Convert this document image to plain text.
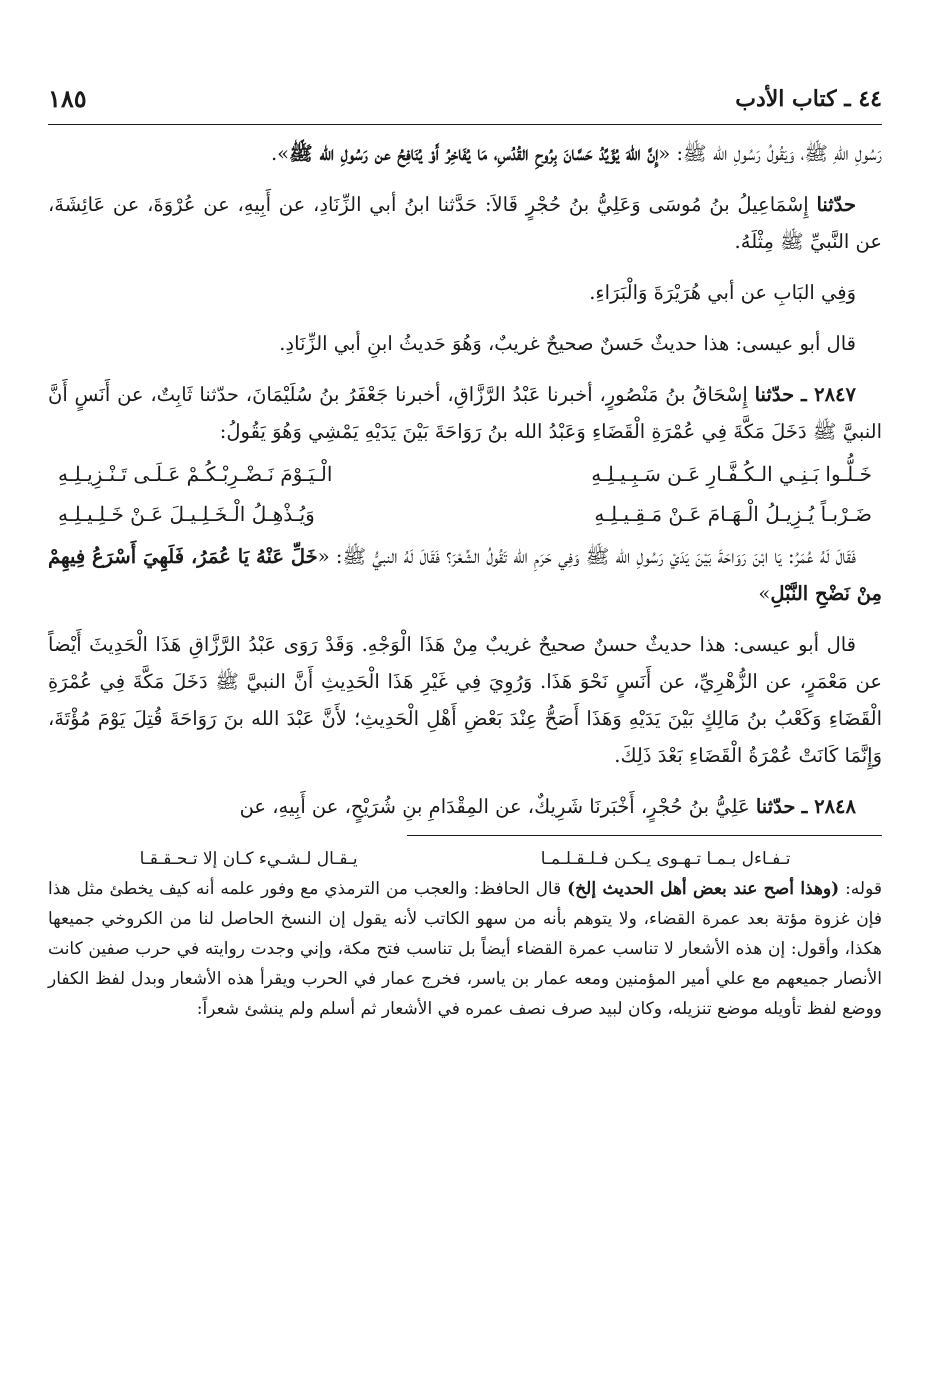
٤٤ ـ كتاب الأدب
١٨٥

رَسُولِ اللهِ ﷺ، وَيَقُولُ رَسُولِ الله ﷺ: «إِنَّ اللهَ يُؤَيِّدُ حَسَّانَ بِرُوحِ القُدُسِ، مَا يُفَاخِرُ أَوْ يُنَافِحُ عن رَسُولِ الله ﷺ».

حدّثنا إِسْمَاعِيلُ بنُ مُوسَى وَعَلِيُّ بنُ حُجْرٍ قَالاَ: حَدَّثنا ابنُ أبي الزِّنَادِ، عن أَبِيهِ، عن عُرْوَةَ، عن عَائِشَةَ، عن النَّبيِّ ﷺ مِثْلَهُ.

وَفِي البَابِ عن أبي هُرَيْرَةَ وَالْبَرَاءِ.

قال أبو عيسى: هذا حديثٌ حَسنٌ صحيحٌ غريبٌ، وَهُوَ حَديثُ ابنِ أبي الزِّنَادِ.

٢٨٤٧ ـ حدّثنا إِسْحَاقُ بنُ مَنْصُورٍ، أخبرنا عَبْدُ الرَّزَّاقِ، أخبرنا جَعْفَرُ بنُ سُلَيْمَانَ، حدّثنا ثَابِتٌ، عن أَنَسٍ أَنَّ النبيَّ ﷺ دَخَلَ مَكَّةَ فِي عُمْرَةِ الْقَضَاءِ وَعَبْدُ الله بنُ رَوَاحَةَ بَيْنَ يَدَيْهِ يَمْشِي وَهُوَ يَقُولُ:

خَـلُّـوا بَـنِـي الـكُـفَّـارِ عَـن سَـبِـيـلِـهِ
الْـيَـوْمَ نَـضْـرِبْـكُـمْ عَـلَـى تَـنْـزِيـلِـهِ
ضَـرْبـاً يُـزِيـلُ الْـهَـامَ عَـنْ مَـقِـيـلِـهِ
وَيُـذْهِـلُ الْـخَـلِـيـلَ عَـنْ خَـلِـيـلِـهِ

فَقَالَ لَهُ عُمَرُ: يَا ابْنَ رَوَاحَةَ بَيْنَ يَدَيْ رَسُولِ الله ﷺ وَفِي حَرَمِ الله تَقُولُ الشِّعْرَ؟ فَقَالَ لَهُ النبيُّ ﷺ: «خَلِّ عَنْهُ يَا عُمَرُ، فَلَهِيَ أَسْرَعُ فِيهِمْ مِنْ نَضْحِ النَّبْلِ»

قال أبو عيسى: هذا حديثٌ حسنٌ صحيحٌ غريبٌ مِنْ هَذَا الْوَجْهِ. وَقَدْ رَوَى عَبْدُ الرَّزَّاقِ هَذَا الْحَدِيثَ أَيْضاً عن مَعْمَرٍ، عن الزُّهْرِيِّ، عن أَنَسٍ نَحْوَ هَذَا. وَرُوِيَ فِي غَيْرِ هَذَا الْحَدِيثِ أَنَّ النبيَّ ﷺ دَخَلَ مَكَّةَ فِي عُمْرَةِ الْقَضَاءِ وَكَعْبُ بنُ مَالِكٍ بَيْنَ يَدَيْهِ وَهَذَا أَصَحُّ عِنْدَ بَعْضِ أَهْلِ الْحَدِيثِ؛ لأَنَّ عَبْدَ الله بنَ رَوَاحَةَ قُتِلَ يَوْمَ مُؤْتَةَ، وَإِنَّمَا كَانَتْ عُمْرَةُ الْقَضَاءِ بَعْدَ ذَلِكَ.

٢٨٤٨ ـ حدّثنا عَلِيُّ بنُ حُجْرٍ، أَخْبَرنَا شَرِيكٌ، عن المِقْدَامِ بنِ شُرَيْحٍ، عن أَبِيهِ، عن

تـفـاءل بـمـا تـهـوى يـكـن فـلـقـلـمـا
يـقـال لـشـيء كـان إلا تـحـقـقـا

قوله: (وهذا أصح عند بعض أهل الحديث إلخ) قال الحافظ: والعجب من الترمذي مع وفور علمه أنه كيف يخطئ مثل هذا فإن غزوة مؤتة بعد عمرة القضاء، ولا يتوهم بأنه من سهو الكاتب لأنه يقول إن النسخ الحاصل لنا من الكروخي جميعها هكذا، وأقول: إن هذه الأشعار لا تناسب عمرة القضاء أيضاً بل تناسب فتح مكة، وإني وجدت روايته في حرب صفين كانت الأنصار جميعهم مع علي أمير المؤمنين ومعه عمار بن ياسر، فخرج عمار في الحرب ويقرأ هذه الأشعار وبدل لفظ الكفار ووضع لفظ تأويله موضع تنزيله، وكان لبيد صرف نصف عمره في الأشعار ثم أسلم ولم ينشئ شعراً:
